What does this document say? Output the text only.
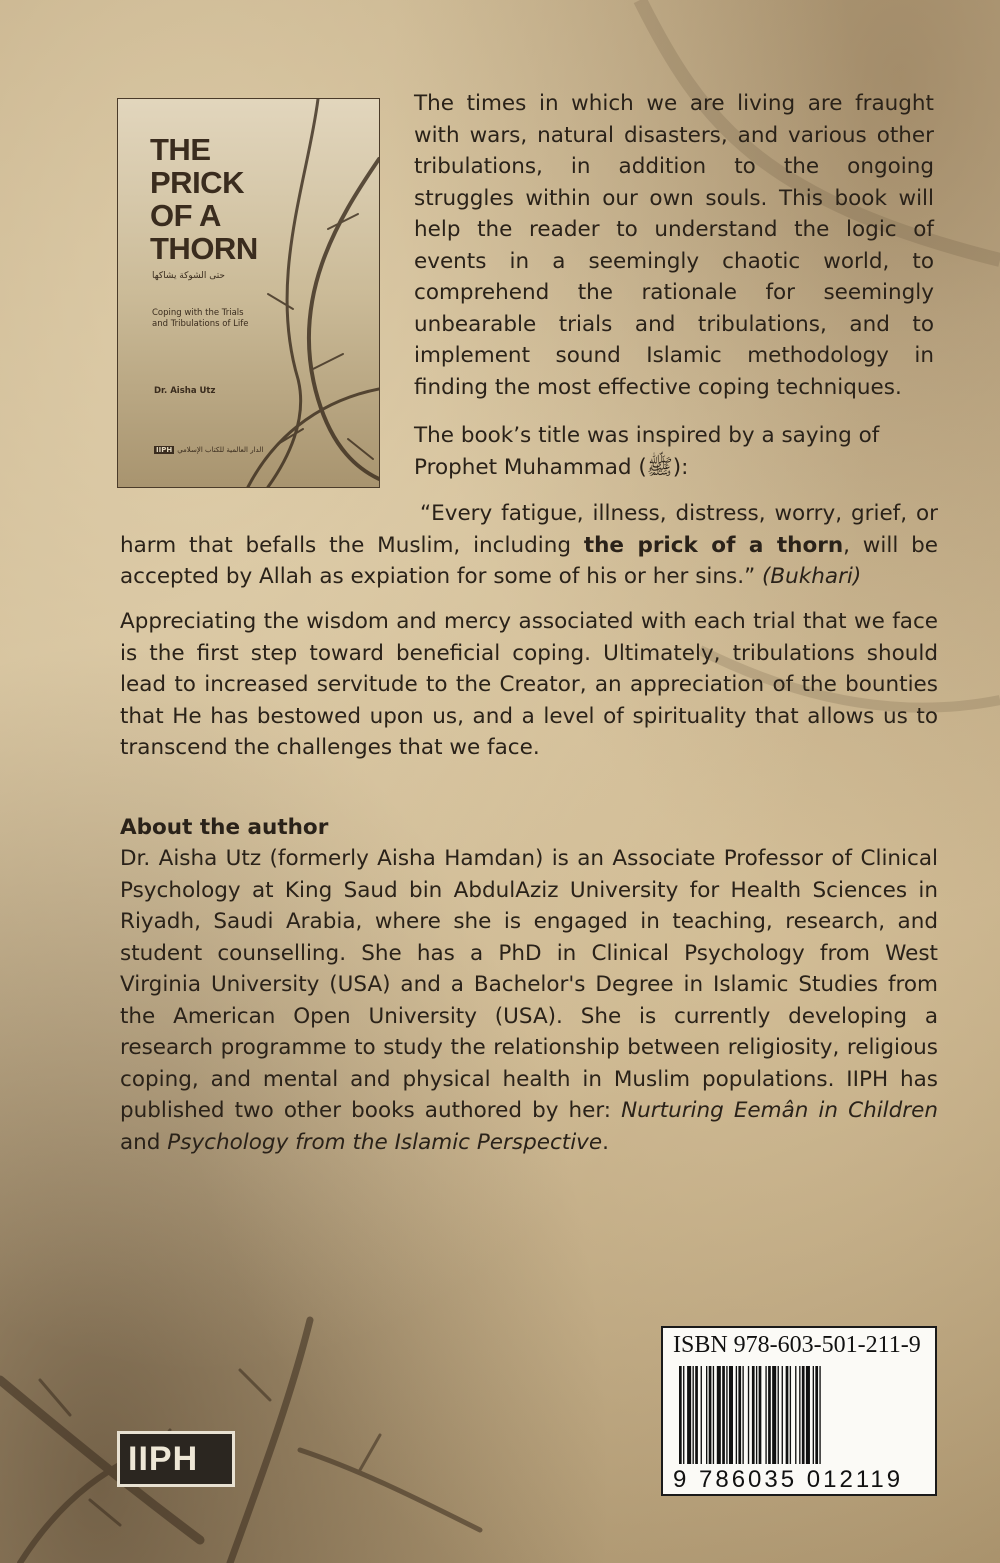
THE
PRICK
OF A
THORN
حتى الشوكة يشاكها
Coping with the Trials and Tribulations of Life
Dr. Aisha Utz
IIPH الدار العالمية للكتاب الإسلامي

The times in which we are living are fraught with wars, natural disasters, and various other tribulations, in addition to the ongoing struggles within our own souls. This book will help the reader to understand the logic of events in a seemingly chaotic world, to comprehend the rationale for seemingly unbearable trials and tribulations, and to implement sound Islamic methodology in finding the most effective coping techniques.

The book’s title was inspired by a saying of Prophet Muhammad (ﷺ):

“Every fatigue, illness, distress, worry, grief, or harm that befalls the Muslim, including the prick of a thorn, will be accepted by Allah as expiation for some of his or her sins.” (Bukhari)

Appreciating the wisdom and mercy associated with each trial that we face is the first step toward beneficial coping. Ultimately, tribulations should lead to increased servitude to the Creator, an appreciation of the bounties that He has bestowed upon us, and a level of spirituality that allows us to transcend the challenges that we face.

About the author

Dr. Aisha Utz (formerly Aisha Hamdan) is an Associate Professor of Clinical Psychology at King Saud bin AbdulAziz University for Health Sciences in Riyadh, Saudi Arabia, where she is engaged in teaching, research, and student counselling. She has a PhD in Clinical Psychology from West Virginia University (USA) and a Bachelor's Degree in Islamic Studies from the American Open University (USA). She is currently developing a research programme to study the relationship between religiosity, religious coping, and mental and physical health in Muslim populations. IIPH has published two other books authored by her: Nurturing Eemân in Children and Psychology from the Islamic Perspective.

ISBN 978-603-501-211-9
9 786035 012119
IIPH
